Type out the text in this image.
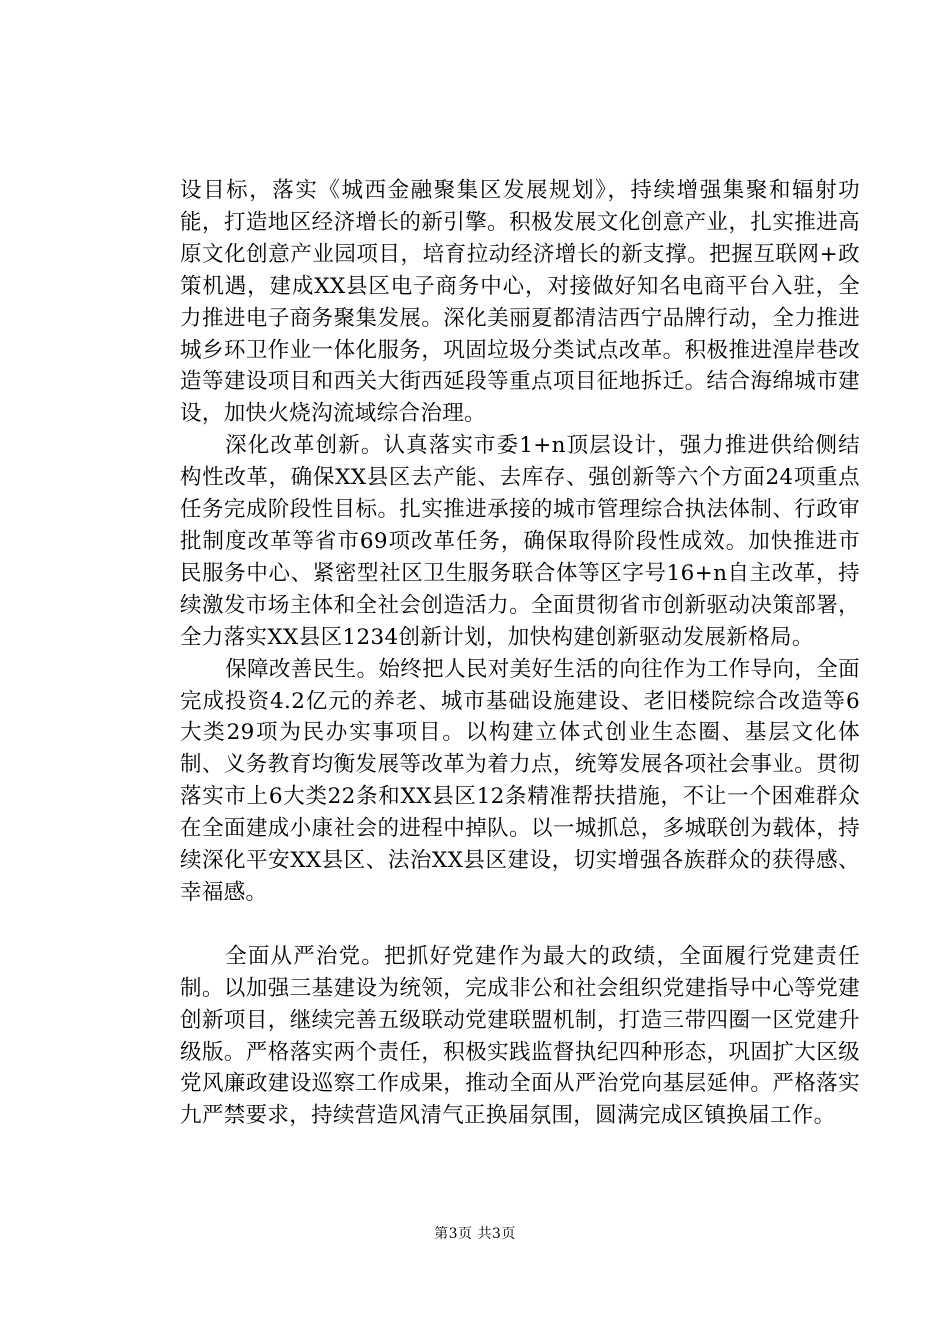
设目标，落实《城西金融聚集区发展规划》，持续增强集聚和辐射功能，打造地区经济增长的新引擎。积极发展文化创意产业，扎实推进高原文化创意产业园项目，培育拉动经济增长的新支撑。把握互联网+政策机遇，建成XX县区电子商务中心，对接做好知名电商平台入驻，全力推进电子商务聚集发展。深化美丽夏都清洁西宁品牌行动，全力推进城乡环卫作业一体化服务，巩固垃圾分类试点改革。积极推进湟岸巷改造等建设项目和西关大街西延段等重点项目征地拆迁。结合海绵城市建设，加快火烧沟流域综合治理。

深化改革创新。认真落实市委1+n顶层设计，强力推进供给侧结构性改革，确保XX县区去产能、去库存、强创新等六个方面24项重点任务完成阶段性目标。扎实推进承接的城市管理综合执法体制、行政审批制度改革等省市69项改革任务，确保取得阶段性成效。加快推进市民服务中心、紧密型社区卫生服务联合体等区字号16+n自主改革，持续激发市场主体和全社会创造活力。全面贯彻省市创新驱动决策部署，全力落实XX县区1234创新计划，加快构建创新驱动发展新格局。

保障改善民生。始终把人民对美好生活的向往作为工作导向，全面完成投资4.2亿元的养老、城市基础设施建设、老旧楼院综合改造等6大类29项为民办实事项目。以构建立体式创业生态圈、基层文化体制、义务教育均衡发展等改革为着力点，统筹发展各项社会事业。贯彻落实市上6大类22条和XX县区12条精准帮扶措施，不让一个困难群众在全面建成小康社会的进程中掉队。以一城抓总，多城联创为载体，持续深化平安XX县区、法治XX县区建设，切实增强各族群众的获得感、幸福感。

全面从严治党。把抓好党建作为最大的政绩，全面履行党建责任制。以加强三基建设为统领，完成非公和社会组织党建指导中心等党建创新项目，继续完善五级联动党建联盟机制，打造三带四圈一区党建升级版。严格落实两个责任，积极实践监督执纪四种形态，巩固扩大区级党风廉政建设巡察工作成果，推动全面从严治党向基层延伸。严格落实九严禁要求，持续营造风清气正换届氛围，圆满完成区镇换届工作。

第3页 共3页
